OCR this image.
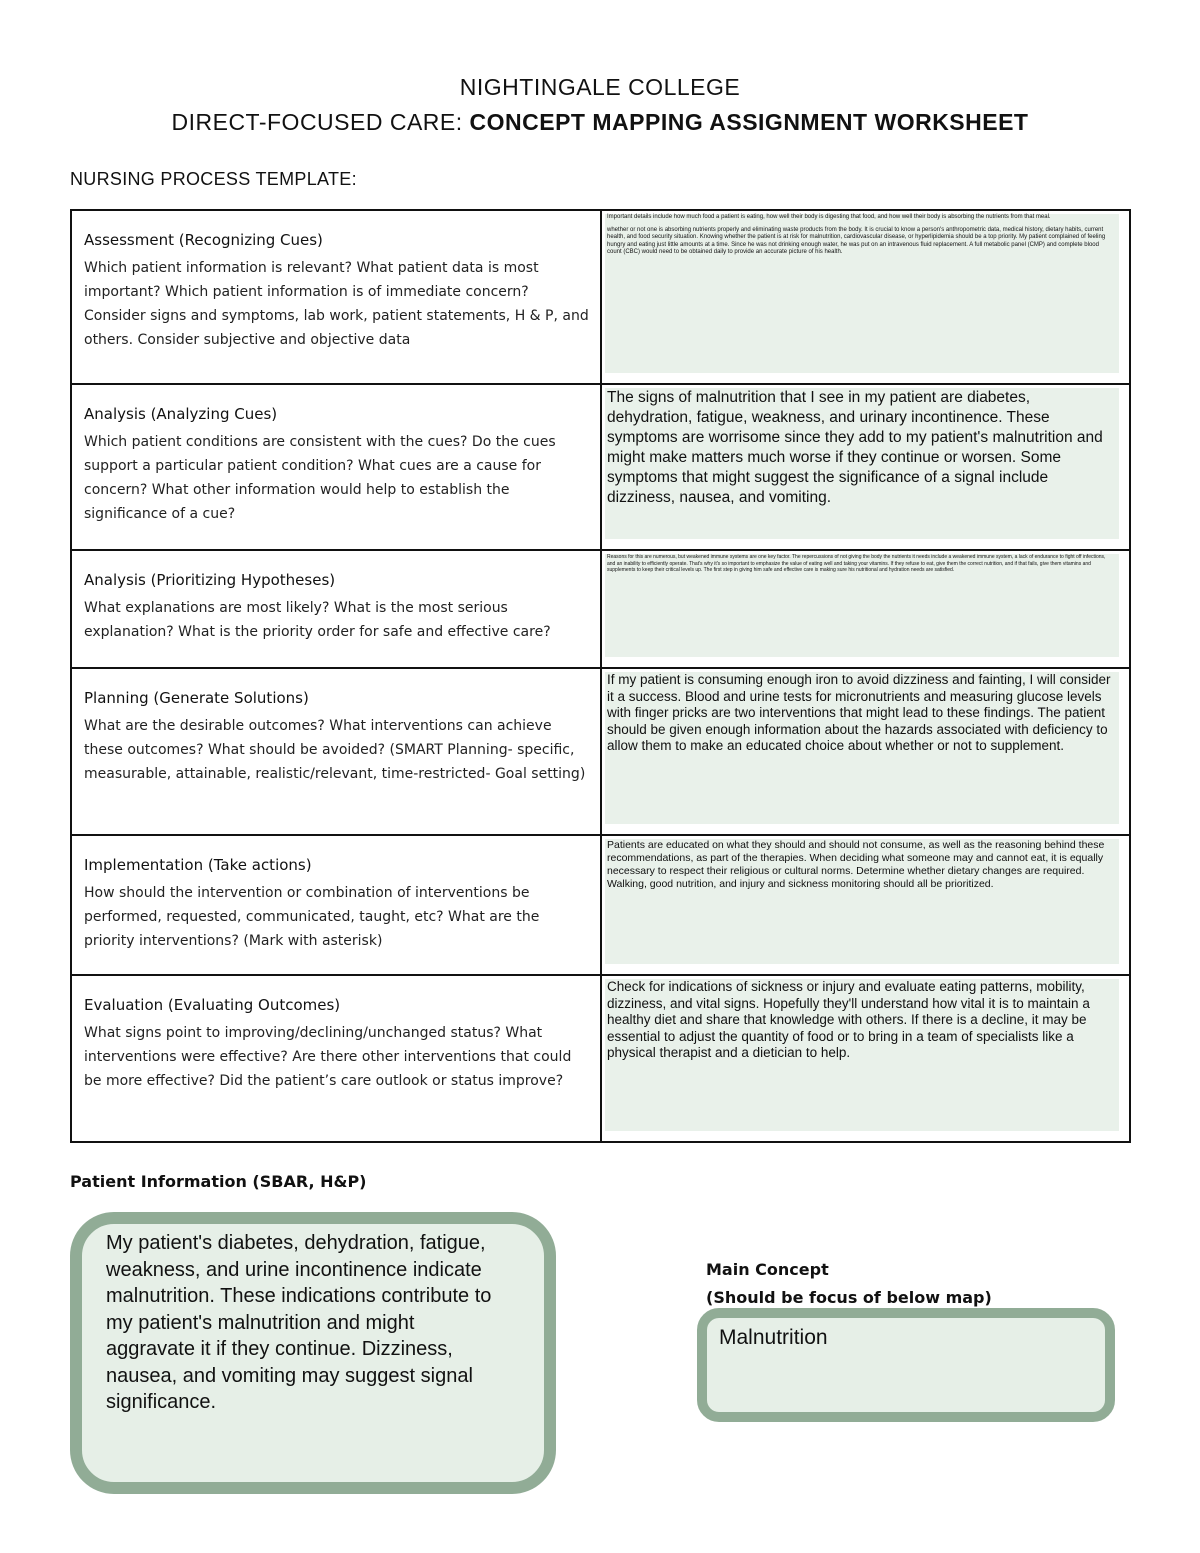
NIGHTINGALE COLLEGE
DIRECT-FOCUSED CARE: CONCEPT MAPPING ASSIGNMENT WORKSHEET
NURSING PROCESS TEMPLATE:
Assessment (Recognizing Cues)
Which patient information is relevant? What patient data is most important? Which patient information is of immediate concern? Consider signs and symptoms, lab work, patient statements, H & P, and others. Consider subjective and objective data

Important details include how much food a patient is eating, how well their body is digesting that food, and how well their body is absorbing the nutrients from that meal.

whether or not one is absorbing nutrients properly and eliminating waste products from the body. It is crucial to know a person's anthropometric data, medical history, dietary habits, current health, and food security situation. Knowing whether the patient is at risk for malnutrition, cardiovascular disease, or hyperlipidemia should be a top priority. My patient complained of feeling hungry and eating just little amounts at a time. Since he was not drinking enough water, he was put on an intravenous fluid replacement. A full metabolic panel (CMP) and complete blood count (CBC) would need to be obtained daily to provide an accurate picture of his health.

Analysis (Analyzing Cues)
Which patient conditions are consistent with the cues? Do the cues support a particular patient condition? What cues are a cause for concern? What other information would help to establish the significance of a cue?

The signs of malnutrition that I see in my patient are diabetes, dehydration, fatigue, weakness, and urinary incontinence. These symptoms are worrisome since they add to my patient's malnutrition and might make matters much worse if they continue or worsen. Some symptoms that might suggest the significance of a signal include dizziness, nausea, and vomiting.

Analysis (Prioritizing Hypotheses)
What explanations are most likely? What is the most serious explanation? What is the priority order for safe and effective care?

Reasons for this are numerous, but weakened immune systems are one key factor. The repercussions of not giving the body the nutrients it needs include a weakened immune system, a lack of endurance to fight off infections, and an inability to efficiently operate. That's why it's so important to emphasize the value of eating well and taking your vitamins. If they refuse to eat, give them the correct nutrition, and if that fails, give them vitamins and supplements to keep their critical levels up. The first step in giving him safe and effective care is making sure his nutritional and hydration needs are satisfied.

Planning (Generate Solutions)
What are the desirable outcomes? What interventions can achieve these outcomes? What should be avoided? (SMART Planning- specific, measurable, attainable, realistic/relevant, time-restricted- Goal setting)

If my patient is consuming enough iron to avoid dizziness and fainting, I will consider it a success. Blood and urine tests for micronutrients and measuring glucose levels with finger pricks are two interventions that might lead to these findings. The patient should be given enough information about the hazards associated with deficiency to allow them to make an educated choice about whether or not to supplement.

Implementation (Take actions)
How should the intervention or combination of interventions be performed, requested, communicated, taught, etc? What are the priority interventions? (Mark with asterisk)

Patients are educated on what they should and should not consume, as well as the reasoning behind these recommendations, as part of the therapies. When deciding what someone may and cannot eat, it is equally necessary to respect their religious or cultural norms. Determine whether dietary changes are required.

Walking, good nutrition, and injury and sickness monitoring should all be prioritized.

Evaluation (Evaluating Outcomes)
What signs point to improving/declining/unchanged status? What interventions were effective? Are there other interventions that could be more effective? Did the patient’s care outlook or status improve?

Check for indications of sickness or injury and evaluate eating patterns, mobility, dizziness, and vital signs. Hopefully they'll understand how vital it is to maintain a healthy diet and share that knowledge with others. If there is a decline, it may be essential to adjust the quantity of food or to bring in a team of specialists like a physical therapist and a dietician to help.

Patient Information (SBAR, H&P)
My patient's diabetes, dehydration, fatigue, weakness, and urine incontinence indicate malnutrition. These indications contribute to my patient's malnutrition and might aggravate it if they continue. Dizziness, nausea, and vomiting may suggest signal significance.
Main Concept
(Should be focus of below map)
Malnutrition
